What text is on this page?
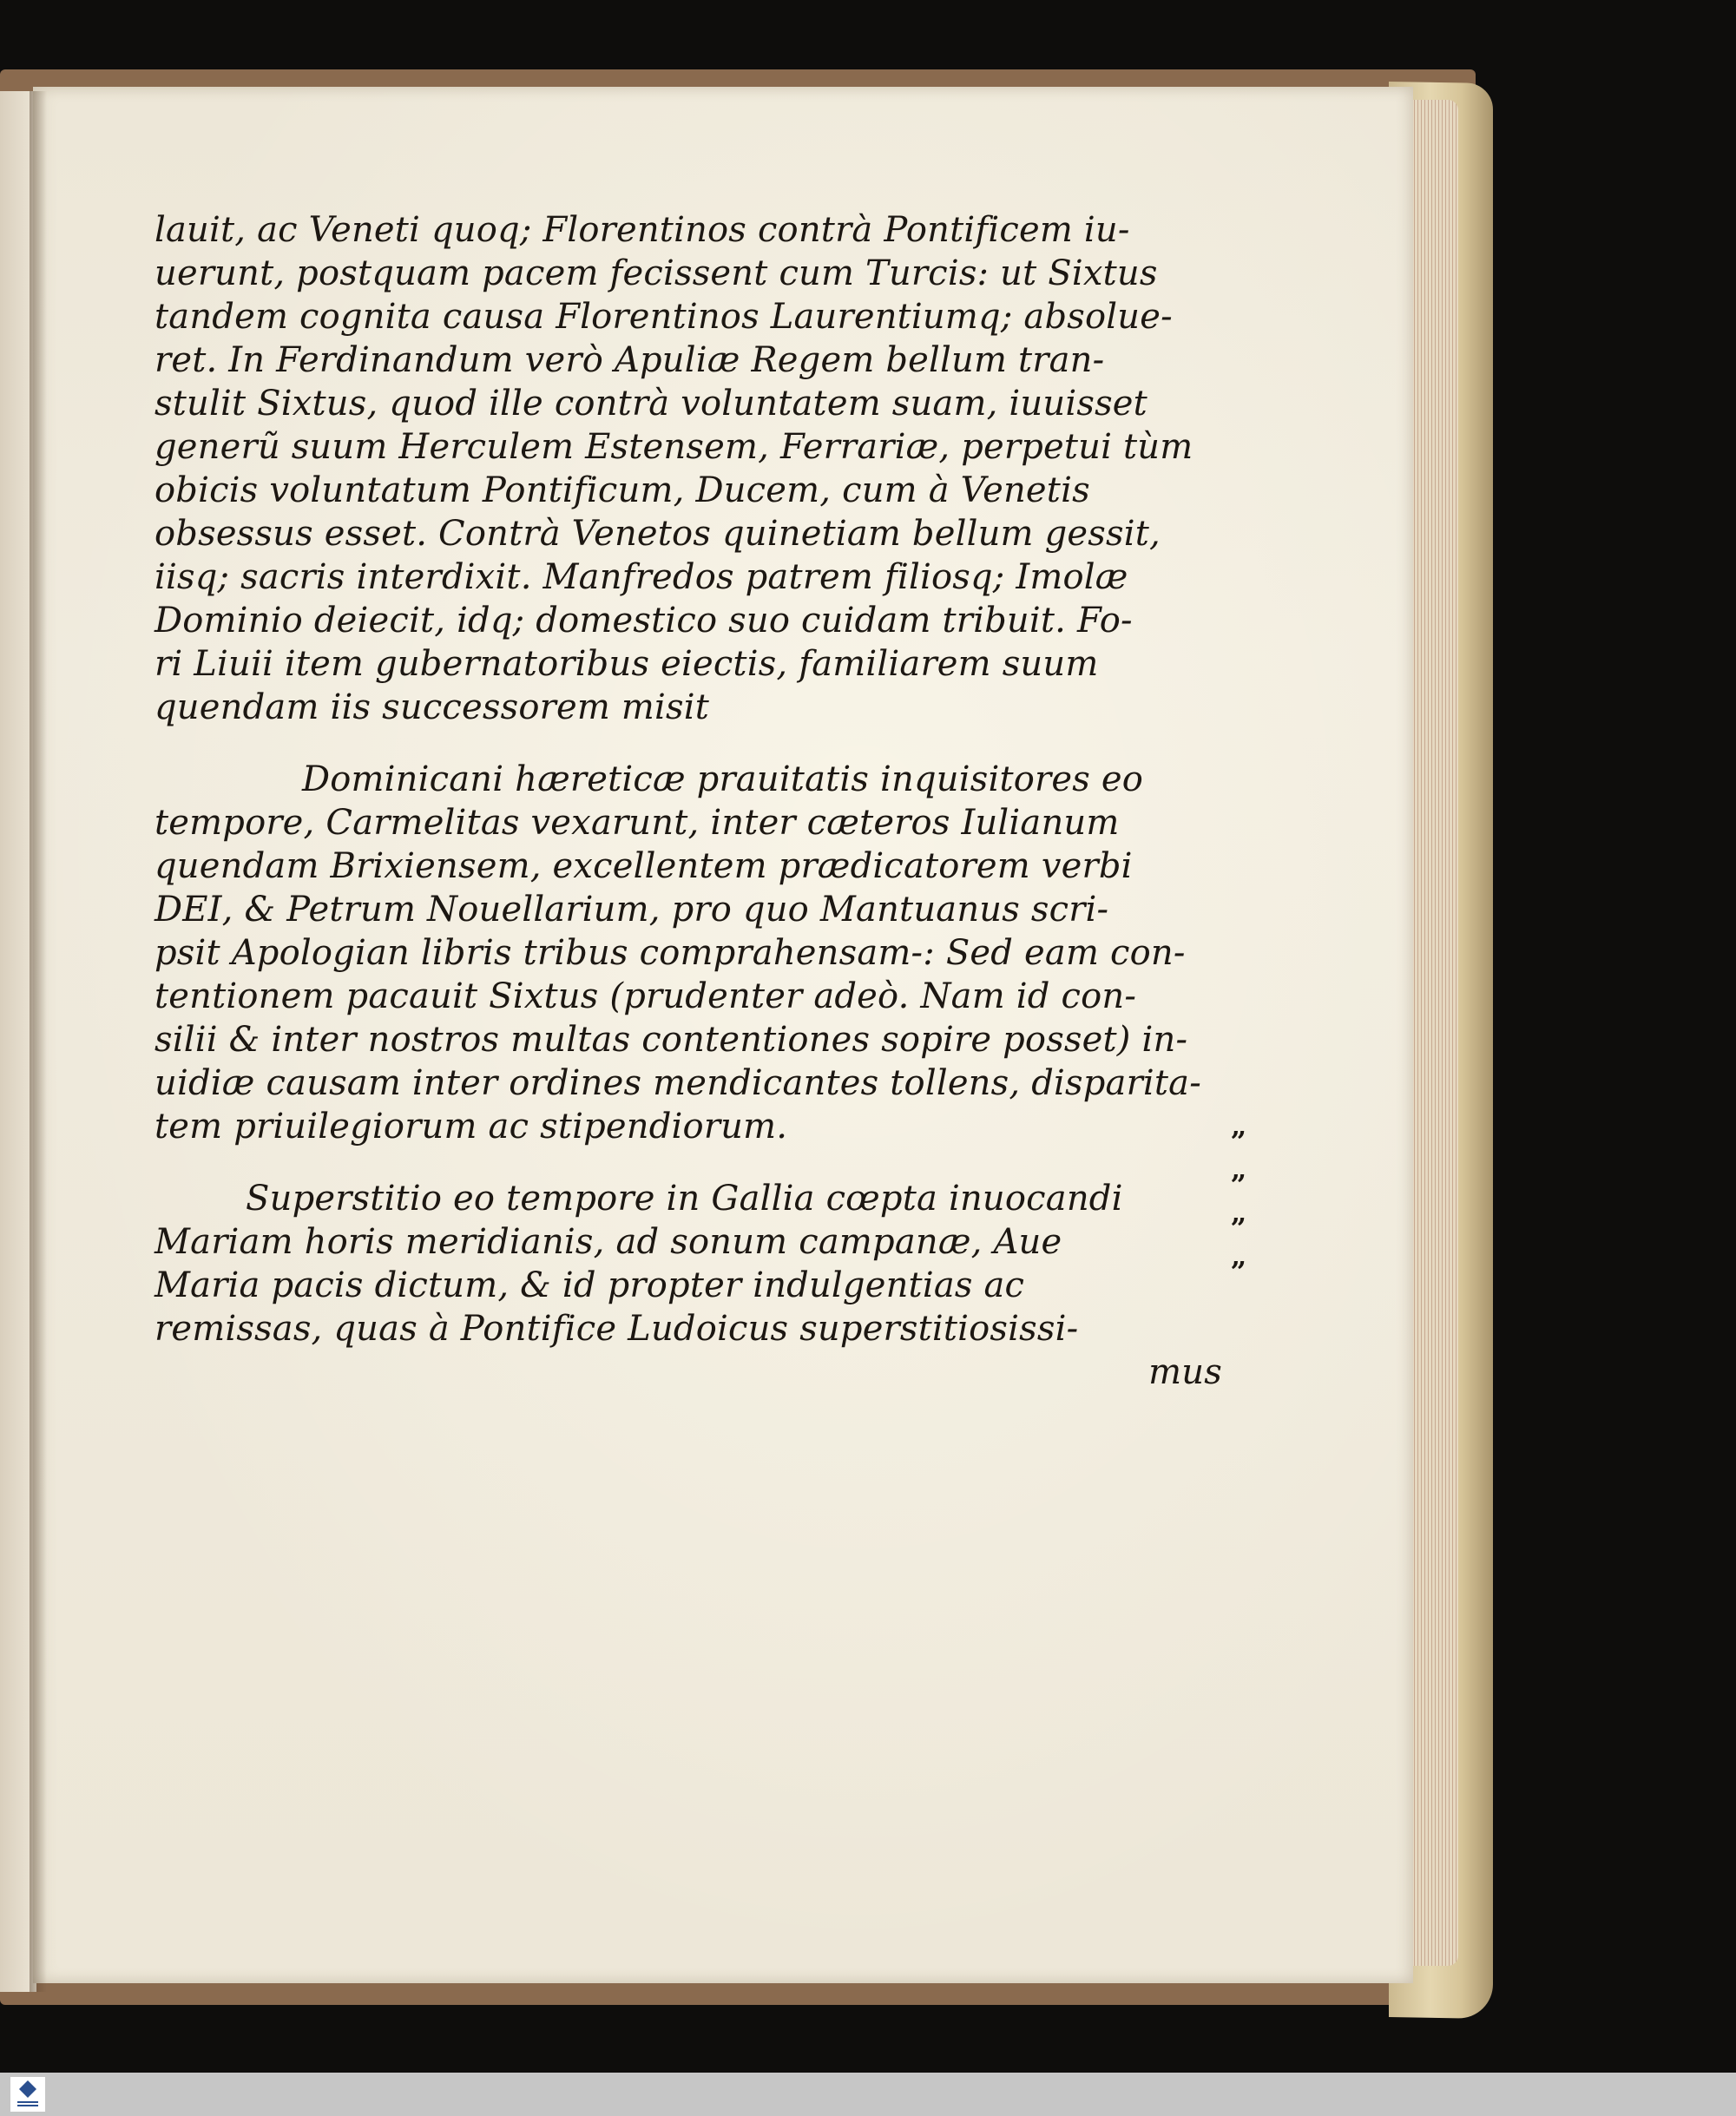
lauit, ac Veneti quoq; Florentinos contrà Pontificem iu-
uerunt, postquam pacem fecissent cum Turcis: ut Sixtus
tandem cognita causa Florentinos Laurentiumq; absolue-
ret. In Ferdinandum verò Apuliæ Regem bellum tran-
stulit Sixtus, quod ille contrà voluntatem suam, iuuisset
generũ suum Herculem Estensem, Ferrariæ, perpetui tùm
obicis voluntatum Pontificum, Ducem, cum à Venetis
obsessus esset. Contrà Venetos quinetiam bellum gessit,
iisq; sacris interdixit. Manfredos patrem filiosq; Imolæ
Dominio deiecit, idq; domestico suo cuidam tribuit. Fo-
ri Liuii item gubernatoribus eiectis, familiarem suum
quendam iis successorem misit
Dominicani hæreticæ prauitatis inquisitores eo
tempore, Carmelitas vexarunt, inter cæteros Iulianum
quendam Brixiensem, excellentem prædicatorem verbi
DEI, & Petrum Nouellarium, pro quo Mantuanus scri-
psit Apologian libris tribus comprahensam-: Sed eam con-
tentionem pacauit Sixtus (prudenter adeò. Nam id con-
silii & inter nostros multas contentiones sopire posset) in-
uidiæ causam inter ordines mendicantes tollens, disparita-
tem priuilegiorum ac stipendiorum.
Superstitio eo tempore in Gallia cœpta inuocandi
Mariam horis meridianis, ad sonum campanæ, Aue
Maria pacis dictum, & id propter indulgentias ac
remissas, quas à Pontifice Ludoicus superstitiosissi-
mus
„
„
„
„
